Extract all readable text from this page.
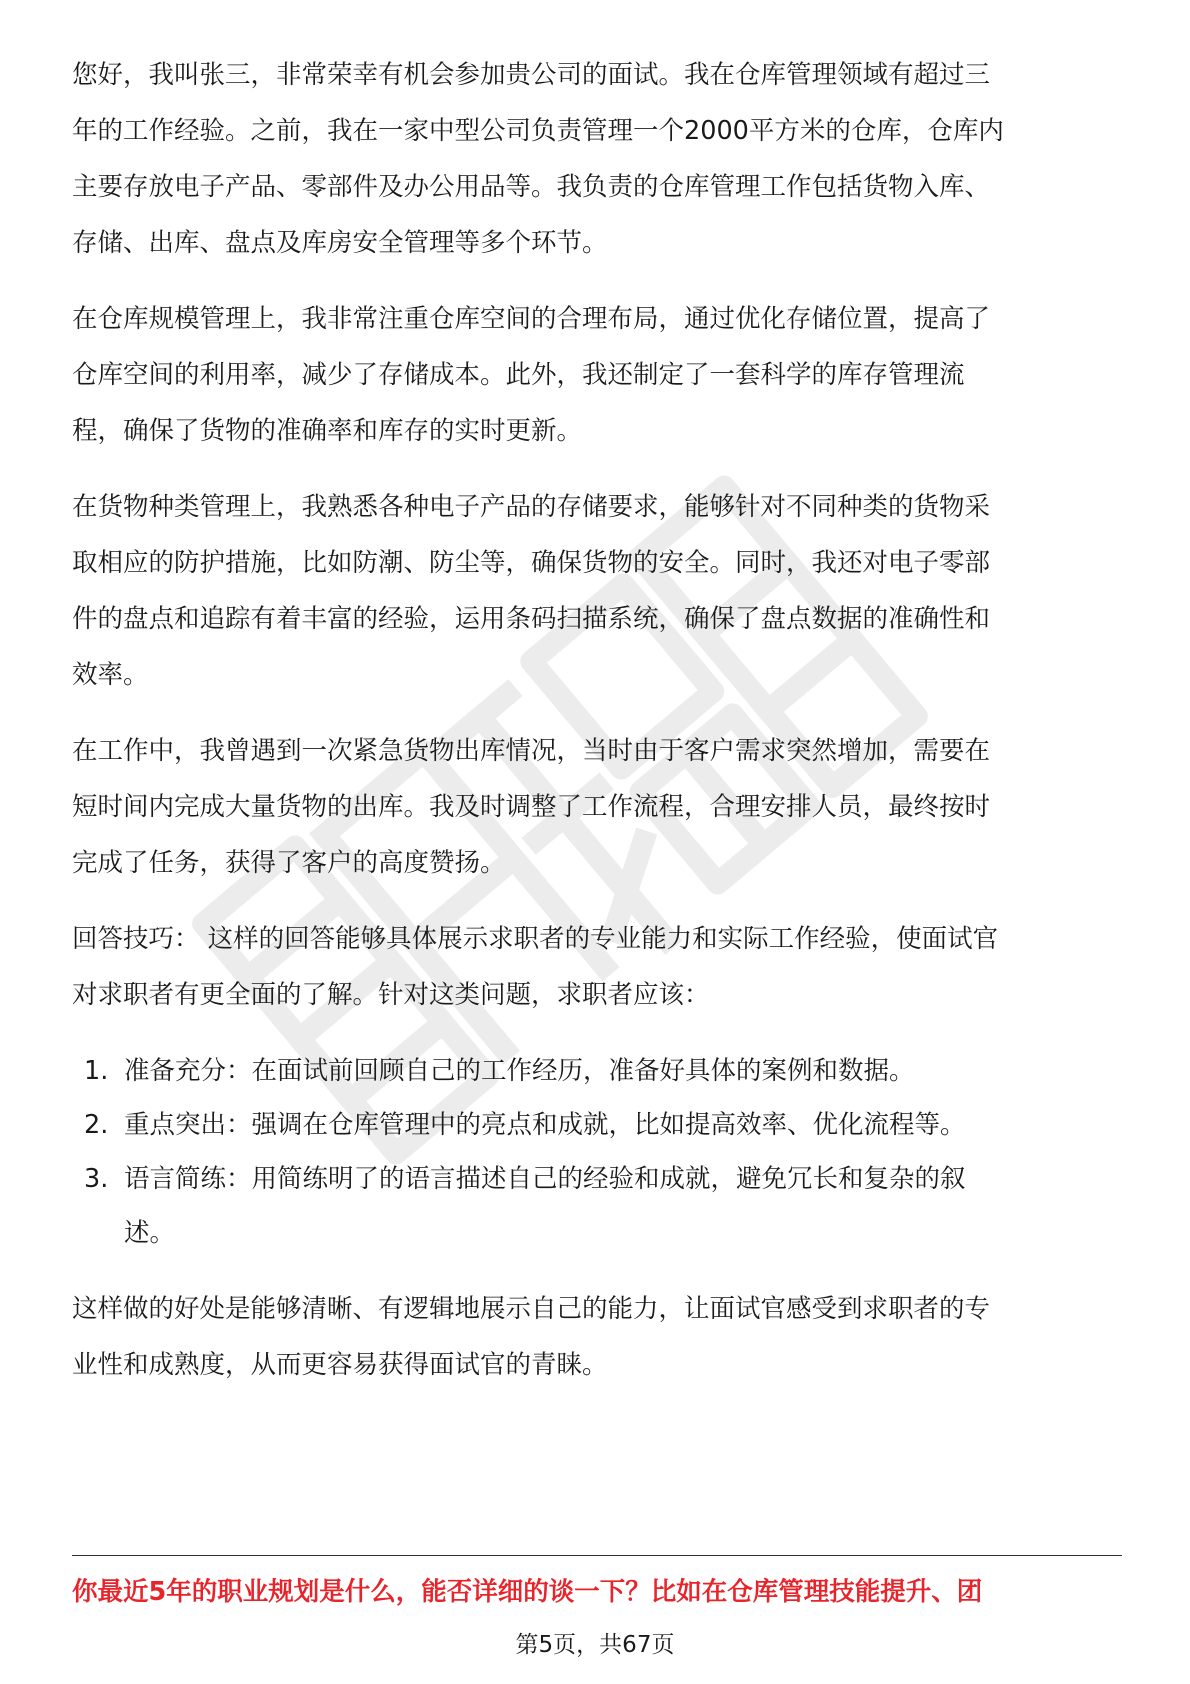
您好，我叫张三，非常荣幸有机会参加贵公司的面试。我在仓库管理领域有超过三
年的工作经验。之前，我在一家中型公司负责管理一个2000平方米的仓库，仓库内
主要存放电子产品、零部件及办公用品等。我负责的仓库管理工作包括货物入库、
存储、出库、盘点及库房安全管理等多个环节。
在仓库规模管理上，我非常注重仓库空间的合理布局，通过优化存储位置，提高了
仓库空间的利用率，减少了存储成本。此外，我还制定了一套科学的库存管理流
程，确保了货物的准确率和库存的实时更新。
在货物种类管理上，我熟悉各种电子产品的存储要求，能够针对不同种类的货物采
取相应的防护措施，比如防潮、防尘等，确保货物的安全。同时，我还对电子零部
件的盘点和追踪有着丰富的经验，运用条码扫描系统，确保了盘点数据的准确性和
效率。
在工作中，我曾遇到一次紧急货物出库情况，当时由于客户需求突然增加，需要在
短时间内完成大量货物的出库。我及时调整了工作流程，合理安排人员，最终按时
完成了任务，获得了客户的高度赞扬。
回答技巧： 这样的回答能够具体展示求职者的专业能力和实际工作经验，使面试官
对求职者有更全面的了解。针对这类问题，求职者应该：
1. 准备充分：在面试前回顾自己的工作经历，准备好具体的案例和数据。
2. 重点突出：强调在仓库管理中的亮点和成就，比如提高效率、优化流程等。
3. 语言简练：用简练明了的语言描述自己的经验和成就，避免冗长和复杂的叙
述。
这样做的好处是能够清晰、有逻辑地展示自己的能力，让面试官感受到求职者的专
业性和成熟度，从而更容易获得面试官的青睐。
你最近5年的职业规划是什么，能否详细的谈一下？比如在仓库管理技能提升、团
第5页，共67页
